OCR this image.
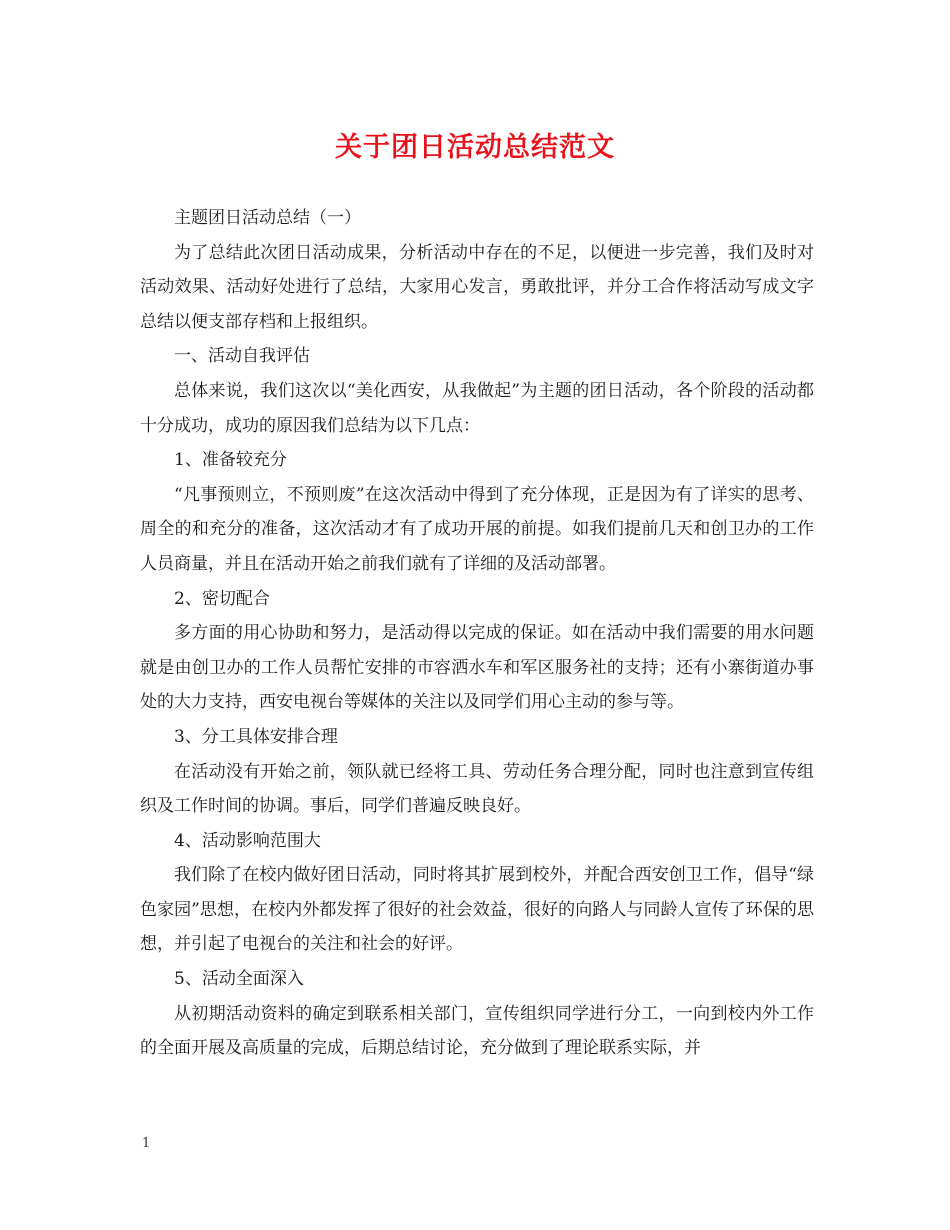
关于团日活动总结范文

主题团日活动总结（一）

为了总结此次团日活动成果，分析活动中存在的不足，以便进一步完善，我们及时对活动效果、活动好处进行了总结，大家用心发言，勇敢批评，并分工合作将活动写成文字总结以便支部存档和上报组织。

一、活动自我评估

总体来说，我们这次以“美化西安，从我做起”为主题的团日活动，各个阶段的活动都十分成功，成功的原因我们总结为以下几点：

1、准备较充分

“凡事预则立，不预则废”在这次活动中得到了充分体现，正是因为有了详实的思考、周全的和充分的准备，这次活动才有了成功开展的前提。如我们提前几天和创卫办的工作人员商量，并且在活动开始之前我们就有了详细的及活动部署。

2、密切配合

多方面的用心协助和努力，是活动得以完成的保证。如在活动中我们需要的用水问题就是由创卫办的工作人员帮忙安排的市容洒水车和军区服务社的支持；还有小寨街道办事处的大力支持，西安电视台等媒体的关注以及同学们用心主动的参与等。

3、分工具体安排合理

在活动没有开始之前，领队就已经将工具、劳动任务合理分配，同时也注意到宣传组织及工作时间的协调。事后，同学们普遍反映良好。

4、活动影响范围大

我们除了在校内做好团日活动，同时将其扩展到校外，并配合西安创卫工作，倡导“绿色家园”思想，在校内外都发挥了很好的社会效益，很好的向路人与同龄人宣传了环保的思想，并引起了电视台的关注和社会的好评。

5、活动全面深入

从初期活动资料的确定到联系相关部门，宣传组织同学进行分工，一向到校内外工作的全面开展及高质量的完成，后期总结讨论，充分做到了理论联系实际，并

1
